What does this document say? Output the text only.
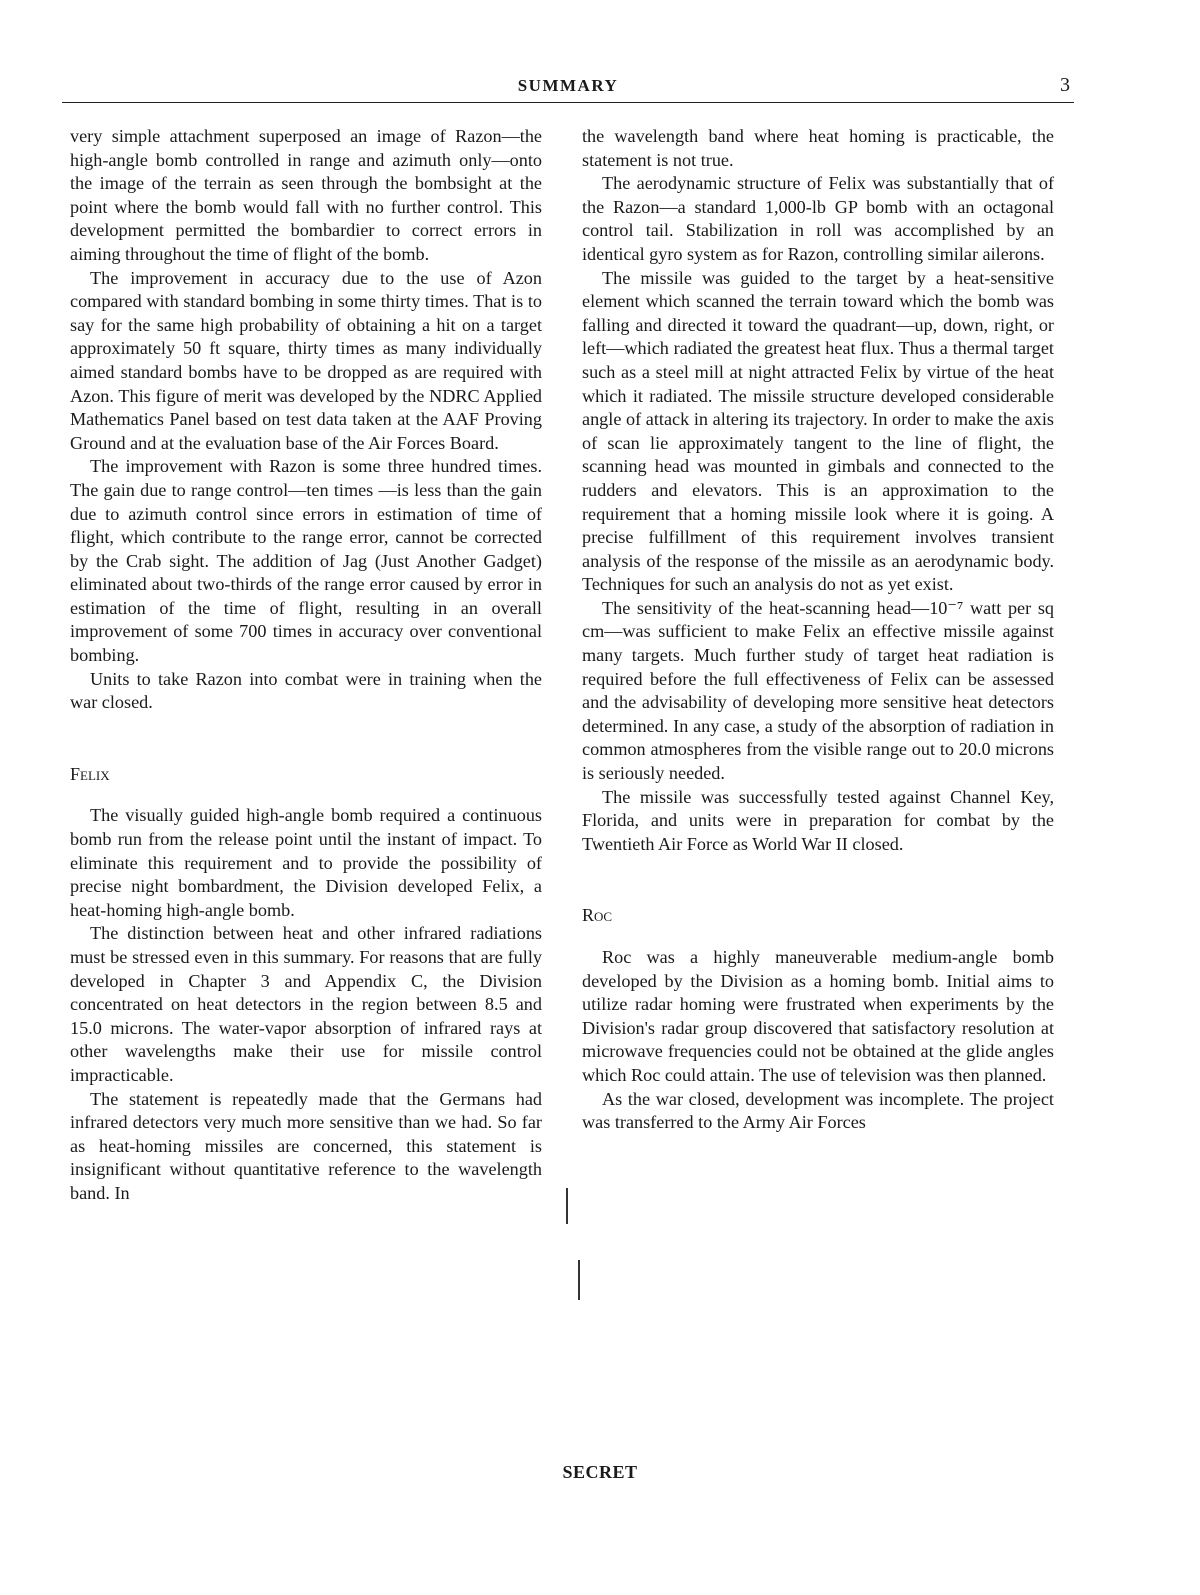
SUMMARY	3

very simple attachment superposed an image of Razon—the high-angle bomb controlled in range and azimuth only—onto the image of the terrain as seen through the bombsight at the point where the bomb would fall with no further control. This development permitted the bombardier to correct errors in aiming throughout the time of flight of the bomb.

The improvement in accuracy due to the use of Azon compared with standard bombing in some thirty times. That is to say for the same high probability of obtaining a hit on a target approximately 50 ft square, thirty times as many individually aimed standard bombs have to be dropped as are required with Azon. This figure of merit was developed by the NDRC Applied Mathematics Panel based on test data taken at the AAF Proving Ground and at the evaluation base of the Air Forces Board.

The improvement with Razon is some three hundred times. The gain due to range control—ten times —is less than the gain due to azimuth control since errors in estimation of time of flight, which contribute to the range error, cannot be corrected by the Crab sight. The addition of Jag (Just Another Gadget) eliminated about two-thirds of the range error caused by error in estimation of the time of flight, resulting in an overall improvement of some 700 times in accuracy over conventional bombing.

Units to take Razon into combat were in training when the war closed.

Felix

The visually guided high-angle bomb required a continuous bomb run from the release point until the instant of impact. To eliminate this requirement and to provide the possibility of precise night bombardment, the Division developed Felix, a heat-homing high-angle bomb.

The distinction between heat and other infrared radiations must be stressed even in this summary. For reasons that are fully developed in Chapter 3 and Appendix C, the Division concentrated on heat detectors in the region between 8.5 and 15.0 microns. The water-vapor absorption of infrared rays at other wavelengths make their use for missile control impracticable.

The statement is repeatedly made that the Germans had infrared detectors very much more sensitive than we had. So far as heat-homing missiles are concerned, this statement is insignificant without quantitative reference to the wavelength band. In

the wavelength band where heat homing is practicable, the statement is not true.

The aerodynamic structure of Felix was substantially that of the Razon—a standard 1,000-lb GP bomb with an octagonal control tail. Stabilization in roll was accomplished by an identical gyro system as for Razon, controlling similar ailerons.

The missile was guided to the target by a heat-sensitive element which scanned the terrain toward which the bomb was falling and directed it toward the quadrant—up, down, right, or left—which radiated the greatest heat flux. Thus a thermal target such as a steel mill at night attracted Felix by virtue of the heat which it radiated. The missile structure developed considerable angle of attack in altering its trajectory. In order to make the axis of scan lie approximately tangent to the line of flight, the scanning head was mounted in gimbals and connected to the rudders and elevators. This is an approximation to the requirement that a homing missile look where it is going. A precise fulfillment of this requirement involves transient analysis of the response of the missile as an aerodynamic body. Techniques for such an analysis do not as yet exist.

The sensitivity of the heat-scanning head—10⁻⁷ watt per sq cm—was sufficient to make Felix an effective missile against many targets. Much further study of target heat radiation is required before the full effectiveness of Felix can be assessed and the advisability of developing more sensitive heat detectors determined. In any case, a study of the absorption of radiation in common atmospheres from the visible range out to 20.0 microns is seriously needed.

The missile was successfully tested against Channel Key, Florida, and units were in preparation for combat by the Twentieth Air Force as World War II closed.

Roc

Roc was a highly maneuverable medium-angle bomb developed by the Division as a homing bomb. Initial aims to utilize radar homing were frustrated when experiments by the Division's radar group discovered that satisfactory resolution at microwave frequencies could not be obtained at the glide angles which Roc could attain. The use of television was then planned.

As the war closed, development was incomplete. The project was transferred to the Army Air Forces

SECRET
